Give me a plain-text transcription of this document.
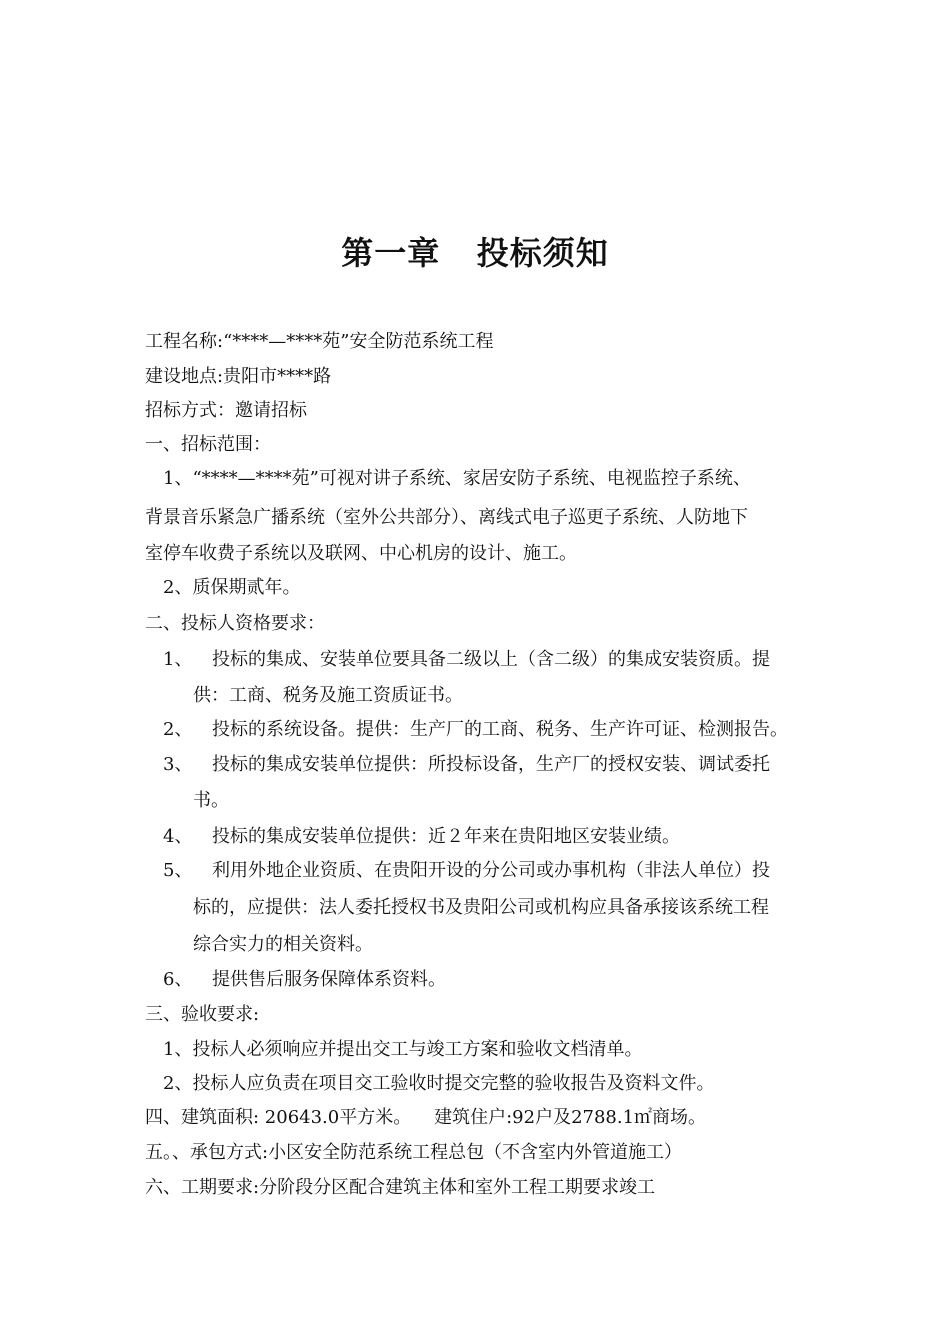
第一章   投标须知
工程名称:“****—****苑”安全防范系统工程
建设地点:贵阳市****路
招标方式：邀请招标
一、招标范围：
1、“****—****苑”可视对讲子系统、家居安防子系统、电视监控子系统、
背景音乐紧急广播系统（室外公共部分）、离线式电子巡更子系统、人防地下
室停车收费子系统以及联网、中心机房的设计、施工。
2、质保期贰年。
二、投标人资格要求：
1、 投标的集成、安装单位要具备二级以上（含二级）的集成安装资质。提
供：工商、税务及施工资质证书。
2、 投标的系统设备。提供：生产厂的工商、税务、生产许可证、检测报告。
3、 投标的集成安装单位提供：所投标设备，生产厂的授权安装、调试委托
书。
4、 投标的集成安装单位提供：近２年来在贵阳地区安装业绩。
5、 利用外地企业资质、在贵阳开设的分公司或办事机构（非法人单位）投
标的，应提供：法人委托授权书及贵阳公司或机构应具备承接该系统工程
综合实力的相关资料。
6、 提供售后服务保障体系资料。
三、验收要求:
1、投标人必须响应并提出交工与竣工方案和验收文档清单。
2、投标人应负责在项目交工验收时提交完整的验收报告及资料文件。
四、建筑面积: 20643.0平方米。    建筑住户:92户及2788.1㎡商场。
五。、承包方式:小区安全防范系统工程总包（不含室内外管道施工）
六、工期要求:分阶段分区配合建筑主体和室外工程工期要求竣工
